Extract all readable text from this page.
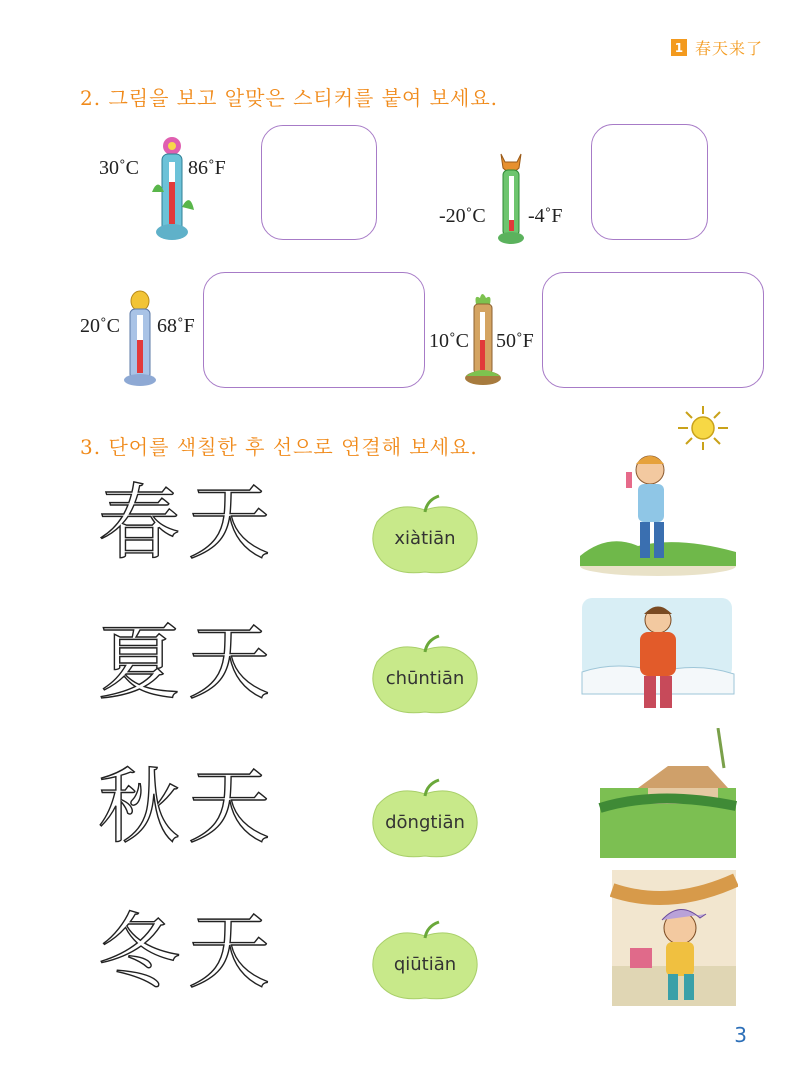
1 春天来了
2. 그림을 보고 알맞은 스티커를 붙여 보세요.
30˚C 86˚F
-20˚C -4˚F
20˚C 68˚F
10˚C 50˚F
3. 단어를 색칠한 후 선으로 연결해 보세요.
春天
夏天
秋天
冬天
xiàtiān
chūntiān
dōngtiān
qiūtiān
3
